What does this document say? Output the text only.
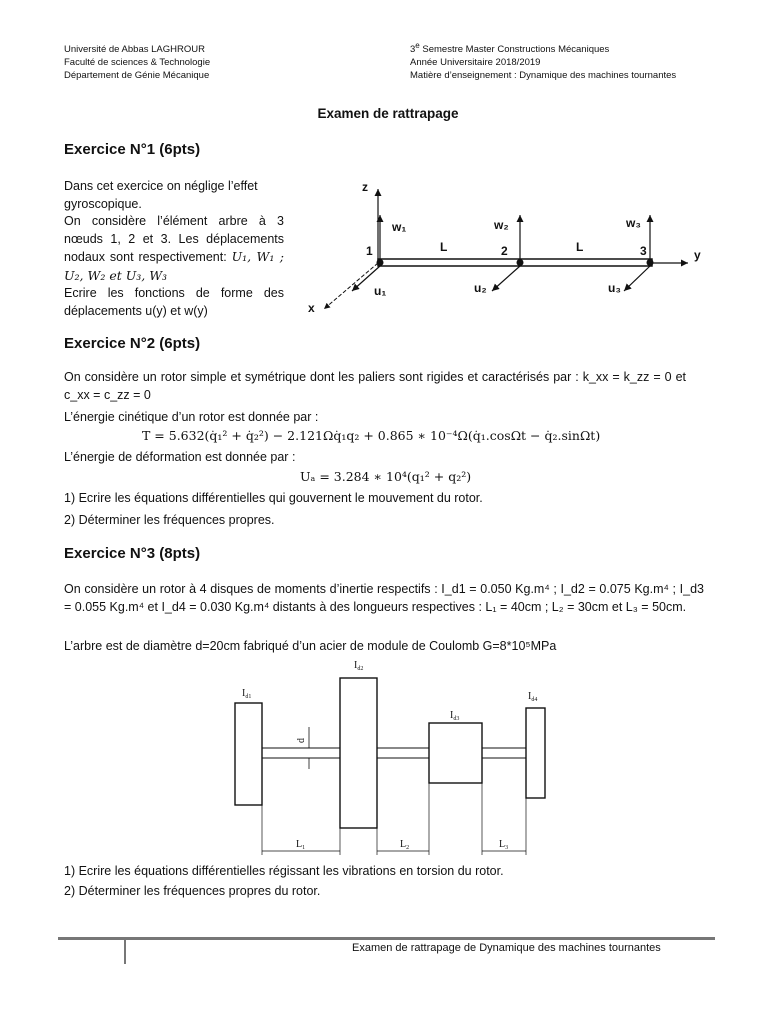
Université de Abbas LAGHROUR
Faculté de sciences & Technologie
Département de Génie Mécanique
3e Semestre Master Constructions Mécaniques
Année Universitaire 2018/2019
Matière d’enseignement : Dynamique des machines tournantes
Examen de rattrapage
Exercice N°1 (6pts)
Dans cet exercice on néglige l’effet gyroscopique.
On considère l’élément arbre à 3 nœuds 1, 2 et 3. Les déplacements nodaux sont respectivement: U₁, W₁ ; U₂, W₂ et U₃, W₃
Ecrire les fonctions de forme des déplacements u(y) et w(y)
z
y
x
1	2	3
L	L
w₁	w₂	w₃
u₁	u₂	u₃
Exercice N°2 (6pts)
On considère un rotor simple et symétrique dont les paliers sont rigides et caractérisés par : k_xx = k_zz = 0 et c_xx = c_zz = 0
L’énergie cinétique d’un rotor est donnée par :
T = 5.632(q̇₁² + q̇₂²) − 2.121Ωq̇₁q₂ + 0.865 ∗ 10⁻⁴Ω(q̇₁.cosΩt − q̇₂.sinΩt)
L’énergie de déformation est donnée par :
Uₐ = 3.284 ∗ 10⁴(q₁² + q₂²)
1) Ecrire les équations différentielles qui gouvernent le mouvement du rotor.
2) Déterminer les fréquences propres.
Exercice N°3 (8pts)
On considère un rotor à 4 disques de moments d’inertie respectifs : I_d1 = 0.050 Kg.m⁴ ; I_d2 = 0.075 Kg.m⁴ ; I_d3 = 0.055 Kg.m⁴ et I_d4 = 0.030 Kg.m⁴ distants à des longueurs respectives : L₁ = 40cm ; L₂ = 30cm et L₃ = 50cm.
L’arbre est de diamètre d=20cm fabriqué d’un acier de module de Coulomb G=8*10⁵MPa
$I_{d1}$
$I_{d2}$
$I_{d3}$
$I_{d4}$
d
$L_1$	$L_2$	$L_3$
1) Ecrire les équations différentielles régissant les vibrations en torsion du rotor.
2) Déterminer les fréquences propres du rotor.
Examen de rattrapage de Dynamique des machines tournantes
